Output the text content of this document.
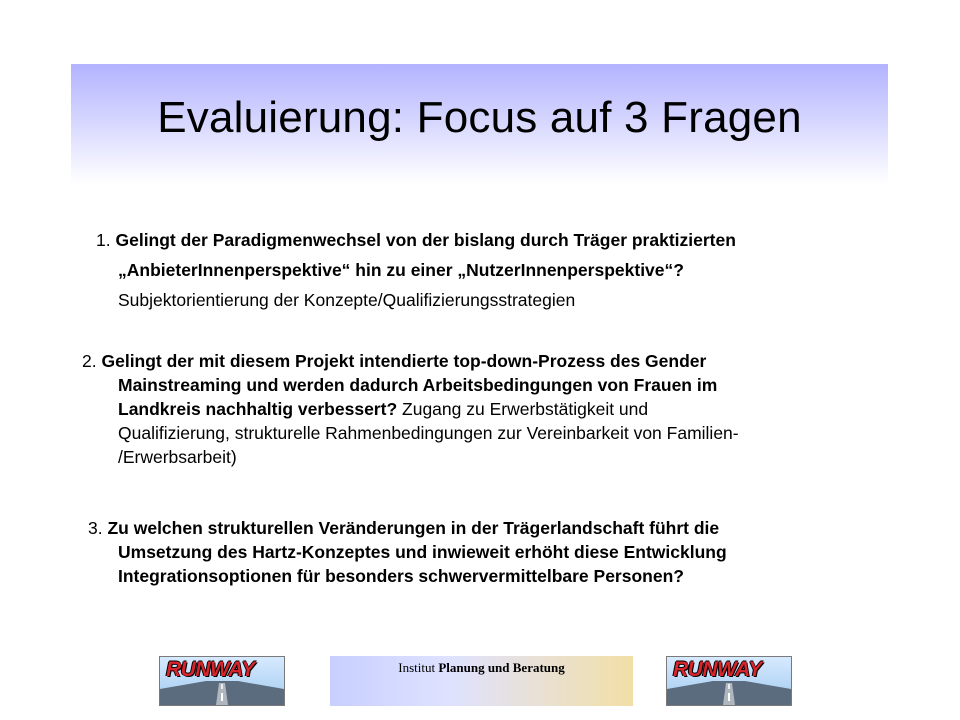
Evaluierung: Focus auf 3 Fragen
1. Gelingt der Paradigmenwechsel von der bislang durch Träger praktizierten
„AnbieterInnenperspektive“ hin zu einer „NutzerInnenperspektive“?
Subjektorientierung der Konzepte/Qualifizierungsstrategien
2. Gelingt der mit diesem Projekt intendierte top-down-Prozess des Gender
Mainstreaming und werden dadurch Arbeitsbedingungen von Frauen im
Landkreis nachhaltig verbessert? Zugang zu Erwerbstätigkeit und
Qualifizierung, strukturelle Rahmenbedingungen zur Vereinbarkeit von Familien-
/Erwerbsarbeit)
3. Zu welchen strukturellen Veränderungen in der Trägerlandschaft führt die
Umsetzung des Hartz-Konzeptes und inwieweit erhöht diese Entwicklung
Integrationsoptionen für besonders schwervermittelbare Personen?
RUNWAY	Institut Planung und Beratung	RUNWAY
